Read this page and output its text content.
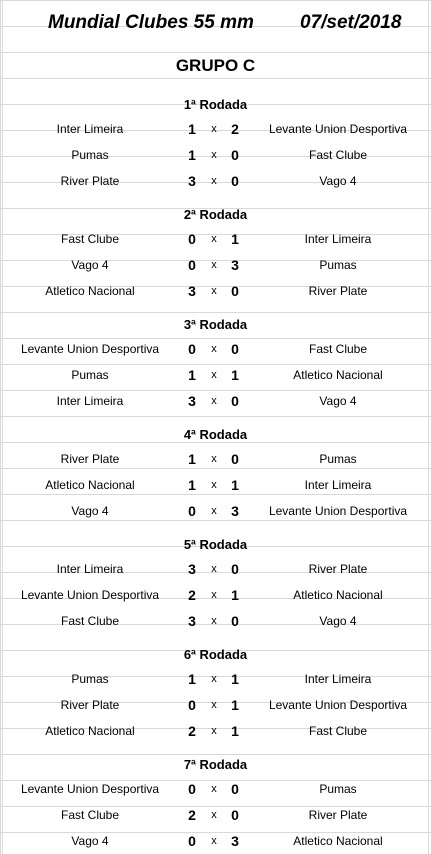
Mundial Clubes 55 mm 07/set/2018
GRUPO C
1ª Rodada
Inter Limeira	1	x	2	Levante Union Desportiva
Pumas	1	x	0	Fast Clube
River Plate	3	x	0	Vago 4
2ª Rodada
Fast Clube	0	x	1	Inter Limeira
Vago 4	0	x	3	Pumas
Atletico Nacional	3	x	0	River Plate
3ª Rodada
Levante Union Desportiva	0	x	0	Fast Clube
Pumas	1	x	1	Atletico Nacional
Inter Limeira	3	x	0	Vago 4
4ª Rodada
River Plate	1	x	0	Pumas
Atletico Nacional	1	x	1	Inter Limeira
Vago 4	0	x	3	Levante Union Desportiva
5ª Rodada
Inter Limeira	3	x	0	River Plate
Levante Union Desportiva	2	x	1	Atletico Nacional
Fast Clube	3	x	0	Vago 4
6ª Rodada
Pumas	1	x	1	Inter Limeira
River Plate	0	x	1	Levante Union Desportiva
Atletico Nacional	2	x	1	Fast Clube
7ª Rodada
Levante Union Desportiva	0	x	0	Pumas
Fast Clube	2	x	0	River Plate
Vago 4	0	x	3	Atletico Nacional
